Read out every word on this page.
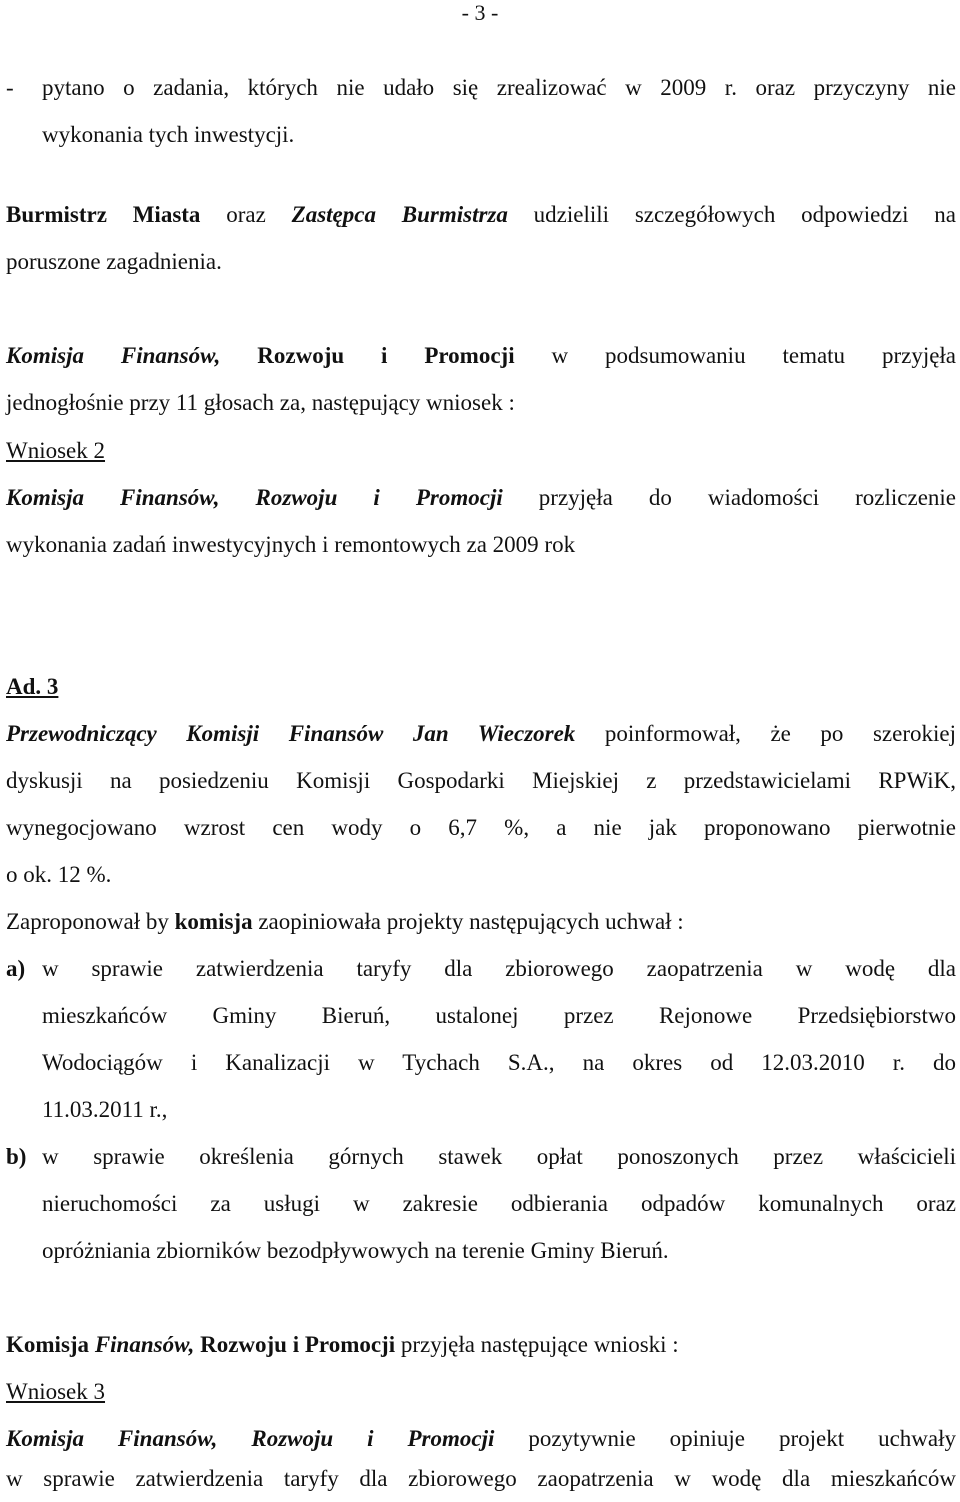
- 3 -
- pytano o zadania, których nie udało się zrealizować w 2009 r. oraz przyczyny nie

wykonania tych inwestycji.

Burmistrz Miasta oraz Zastępca Burmistrza udzielili szczegółowych odpowiedzi na

poruszone zagadnienia.

Komisja Finansów, Rozwoju i Promocji w podsumowaniu tematu przyjęła

jednogłośnie przy 11 głosach za, następujący wniosek :

Wniosek 2

Komisja Finansów, Rozwoju i Promocji przyjęła do wiadomości rozliczenie

wykonania zadań inwestycyjnych i remontowych za 2009 rok

Ad. 3

Przewodniczący Komisji Finansów Jan Wieczorek poinformował, że po szerokiej

dyskusji na posiedzeniu Komisji Gospodarki Miejskiej z przedstawicielami RPWiK,

wynegocjowano wzrost cen wody o 6,7 %, a nie jak proponowano pierwotnie

o ok. 12 %.

Zaproponował by komisja zaopiniowała projekty następujących uchwał :

a) w sprawie zatwierdzenia taryfy dla zbiorowego zaopatrzenia w wodę dla

mieszkańców Gminy Bieruń, ustalonej przez Rejonowe Przedsiębiorstwo

Wodociągów i Kanalizacji w Tychach S.A., na okres od 12.03.2010 r. do

11.03.2011 r.,

b) w sprawie określenia górnych stawek opłat ponoszonych przez właścicieli

nieruchomości za usługi w zakresie odbierania odpadów komunalnych oraz

opróżniania zbiorników bezodpływowych na terenie Gminy Bieruń.

Komisja Finansów, Rozwoju i Promocji przyjęła następujące wnioski :

Wniosek 3

Komisja Finansów, Rozwoju i Promocji pozytywnie opiniuje projekt uchwały

w sprawie zatwierdzenia taryfy dla zbiorowego zaopatrzenia w wodę dla mieszkańców
